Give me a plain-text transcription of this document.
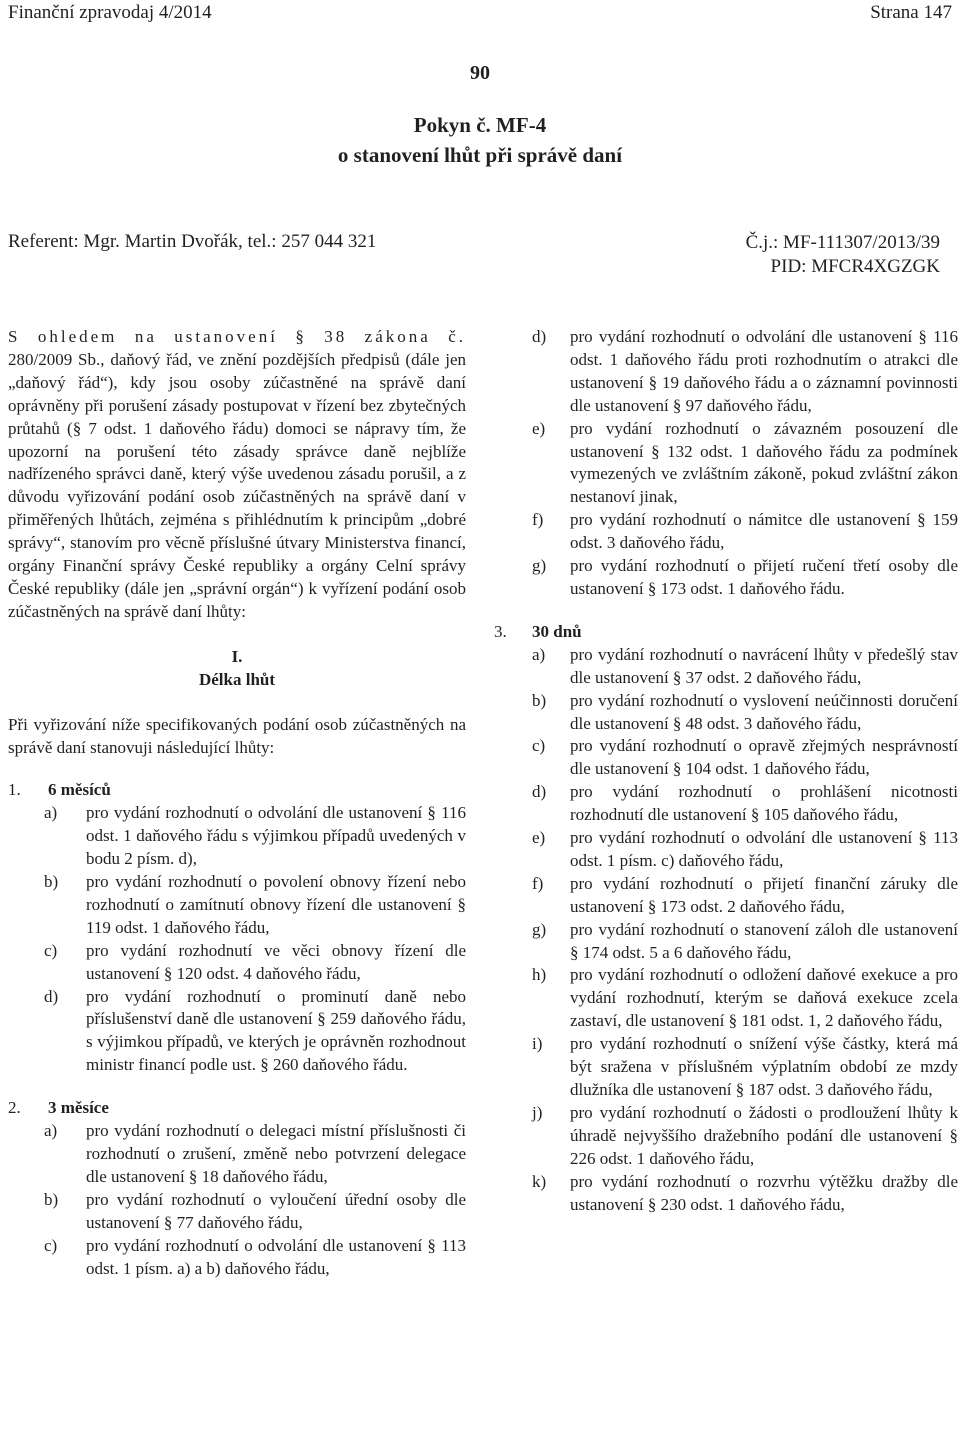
Finanční zpravodaj 4/2014	Strana 147
90
Pokyn č. MF-4
o stanovení lhůt při správě daní
Referent: Mgr. Martin Dvořák, tel.: 257 044 321	Č.j.: MF-111307/2013/39
PID: MFCR4XGZGK

S ohledem na ustanovení § 38 zákona č. 280/2009 Sb., daňový řád, ve znění pozdějších předpisů (dále jen „daňový řád“), kdy jsou osoby zúčastněné na správě daní oprávněny při porušení zásady postupovat v řízení bez zbytečných průtahů (§ 7 odst. 1 daňového řádu) domoci se nápravy tím, že upozorní na porušení této zásady správce daně nejblíže nadřízeného správci daně, který výše uvedenou zásadu porušil, a z důvodu vyřizování podání osob zúčastněných na správě daní v přiměřených lhůtách, zejména s přihlédnutím k principům „dobré správy“, stanovím pro věcně příslušné útvary Ministerstva financí, orgány Finanční správy České republiky a orgány Celní správy České republiky (dále jen „správní orgán“) k vyřízení podání osob zúčastněných na správě daní lhůty:

I.
Délka lhůt

Při vyřizování níže specifikovaných podání osob zúčastněných na správě daní stanovuji následující lhůty:

1.	6 měsíců
a)	pro vydání rozhodnutí o odvolání dle ustanovení § 116 odst. 1 daňového řádu s výjimkou případů uvedených v bodu 2 písm. d),
b)	pro vydání rozhodnutí o povolení obnovy řízení nebo rozhodnutí o zamítnutí obnovy řízení dle ustanovení § 119 odst. 1 daňového řádu,
c)	pro vydání rozhodnutí ve věci obnovy řízení dle ustanovení § 120 odst. 4 daňového řádu,
d)	pro vydání rozhodnutí o prominutí daně nebo příslušenství daně dle ustanovení § 259 daňového řádu, s výjimkou případů, ve kterých je oprávněn rozhodnout ministr financí podle ust. § 260 daňového řádu.
2.	3 měsíce
a)	pro vydání rozhodnutí o delegaci místní příslušnosti či rozhodnutí o zrušení, změně nebo potvrzení delegace dle ustanovení § 18 daňového řádu,
b)	pro vydání rozhodnutí o vyloučení úřední osoby dle ustanovení § 77 daňového řádu,
c)	pro vydání rozhodnutí o odvolání dle ustanovení § 113 odst. 1 písm. a) a b) daňového řádu,
d)	pro vydání rozhodnutí o odvolání dle ustanovení § 116 odst. 1 daňového řádu proti rozhodnutím o atrakci dle ustanovení § 19 daňového řádu a o záznamní povinnosti dle ustanovení § 97 daňového řádu,
e)	pro vydání rozhodnutí o závazném posouzení dle ustanovení § 132 odst. 1 daňového řádu za podmínek vymezených ve zvláštním zákoně, pokud zvláštní zákon nestanoví jinak,
f)	pro vydání rozhodnutí o námitce dle ustanovení § 159 odst. 3 daňového řádu,
g)	pro vydání rozhodnutí o přijetí ručení třetí osoby dle ustanovení § 173 odst. 1 daňového řádu.
3.	30 dnů
a)	pro vydání rozhodnutí o navrácení lhůty v předešlý stav dle ustanovení § 37 odst. 2 daňového řádu,
b)	pro vydání rozhodnutí o vyslovení neúčinnosti doručení dle ustanovení § 48 odst. 3 daňového řádu,
c)	pro vydání rozhodnutí o opravě zřejmých nesprávností dle ustanovení § 104 odst. 1 daňového řádu,
d)	pro vydání rozhodnutí o prohlášení nicotnosti rozhodnutí dle ustanovení § 105 daňového řádu,
e)	pro vydání rozhodnutí o odvolání dle ustanovení § 113 odst. 1 písm. c) daňového řádu,
f)	pro vydání rozhodnutí o přijetí finanční záruky dle ustanovení § 173 odst. 2 daňového řádu,
g)	pro vydání rozhodnutí o stanovení záloh dle ustanovení § 174 odst. 5 a 6 daňového řádu,
h)	pro vydání rozhodnutí o odložení daňové exekuce a pro vydání rozhodnutí, kterým se daňová exekuce zcela zastaví, dle ustanovení § 181 odst. 1, 2 daňového řádu,
i)	pro vydání rozhodnutí o snížení výše částky, která má být sražena v příslušném výplatním období ze mzdy dlužníka dle ustanovení § 187 odst. 3 daňového řádu,
j)	pro vydání rozhodnutí o žádosti o prodloužení lhůty k úhradě nejvyššího dražebního podání dle ustanovení § 226 odst. 1 daňového řádu,
k)	pro vydání rozhodnutí o rozvrhu výtěžku dražby dle ustanovení § 230 odst. 1 daňového řádu,
